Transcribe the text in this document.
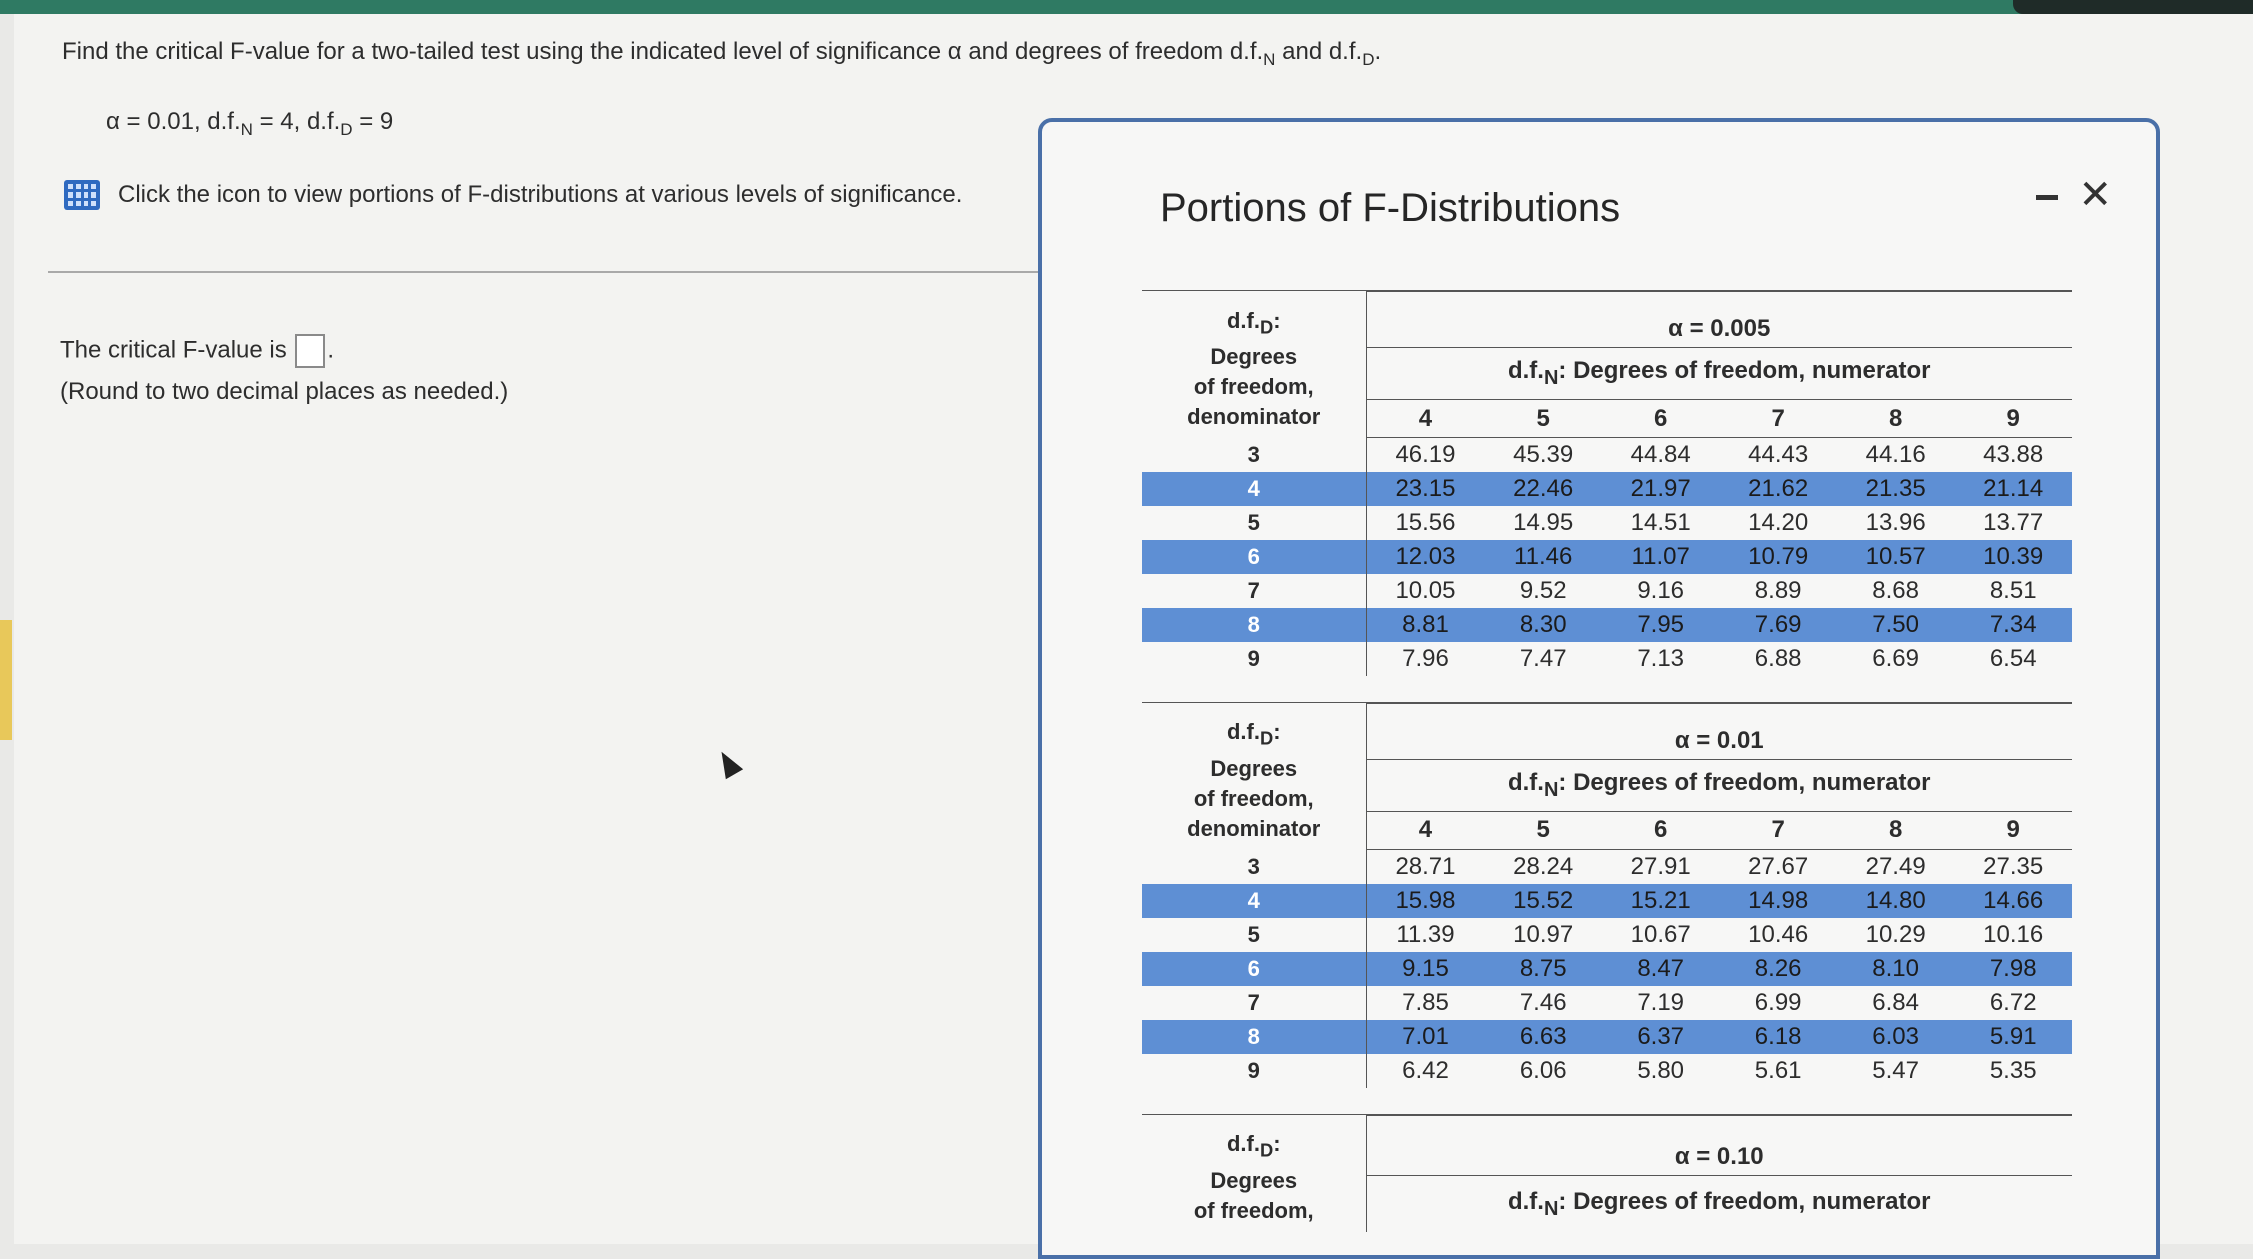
Find the critical F-value for a two-tailed test using the indicated level of significance α and degrees of freedom $d.f._N$ and $d.f._D$.
α = 0.01, $d.f._N = 4$, $d.f._D = 9$
Click the icon to view portions of F-distributions at various levels of significance.
The critical F-value is .
(Round to two decimal places as needed.)
Portions of F-Distributions	✕
$d.f._D$:
Degrees
of freedom,
denominator	α = 0.005					
	$d.f._N$: Degrees of freedom, numerator					
	4	5	6	7	8	9
3	46.19	45.39	44.84	44.43	44.16	43.88
4	23.15	22.46	21.97	21.62	21.35	21.14
5	15.56	14.95	14.51	14.20	13.96	13.77
6	12.03	11.46	11.07	10.79	10.57	10.39
7	10.05	9.52	9.16	8.89	8.68	8.51
8	8.81	8.30	7.95	7.69	7.50	7.34
9	7.96	7.47	7.13	6.88	6.69	6.54
$d.f._D$:
Degrees
of freedom,
denominator	α = 0.01					
	$d.f._N$: Degrees of freedom, numerator					
	4	5	6	7	8	9
3	28.71	28.24	27.91	27.67	27.49	27.35
4	15.98	15.52	15.21	14.98	14.80	14.66
5	11.39	10.97	10.67	10.46	10.29	10.16
6	9.15	8.75	8.47	8.26	8.10	7.98
7	7.85	7.46	7.19	6.99	6.84	6.72
8	7.01	6.63	6.37	6.18	6.03	5.91
9	6.42	6.06	5.80	5.61	5.47	5.35
$d.f._D$:
Degrees
of freedom,
	α = 0.10
$d.f._N$: Degrees of freedom, numerator
